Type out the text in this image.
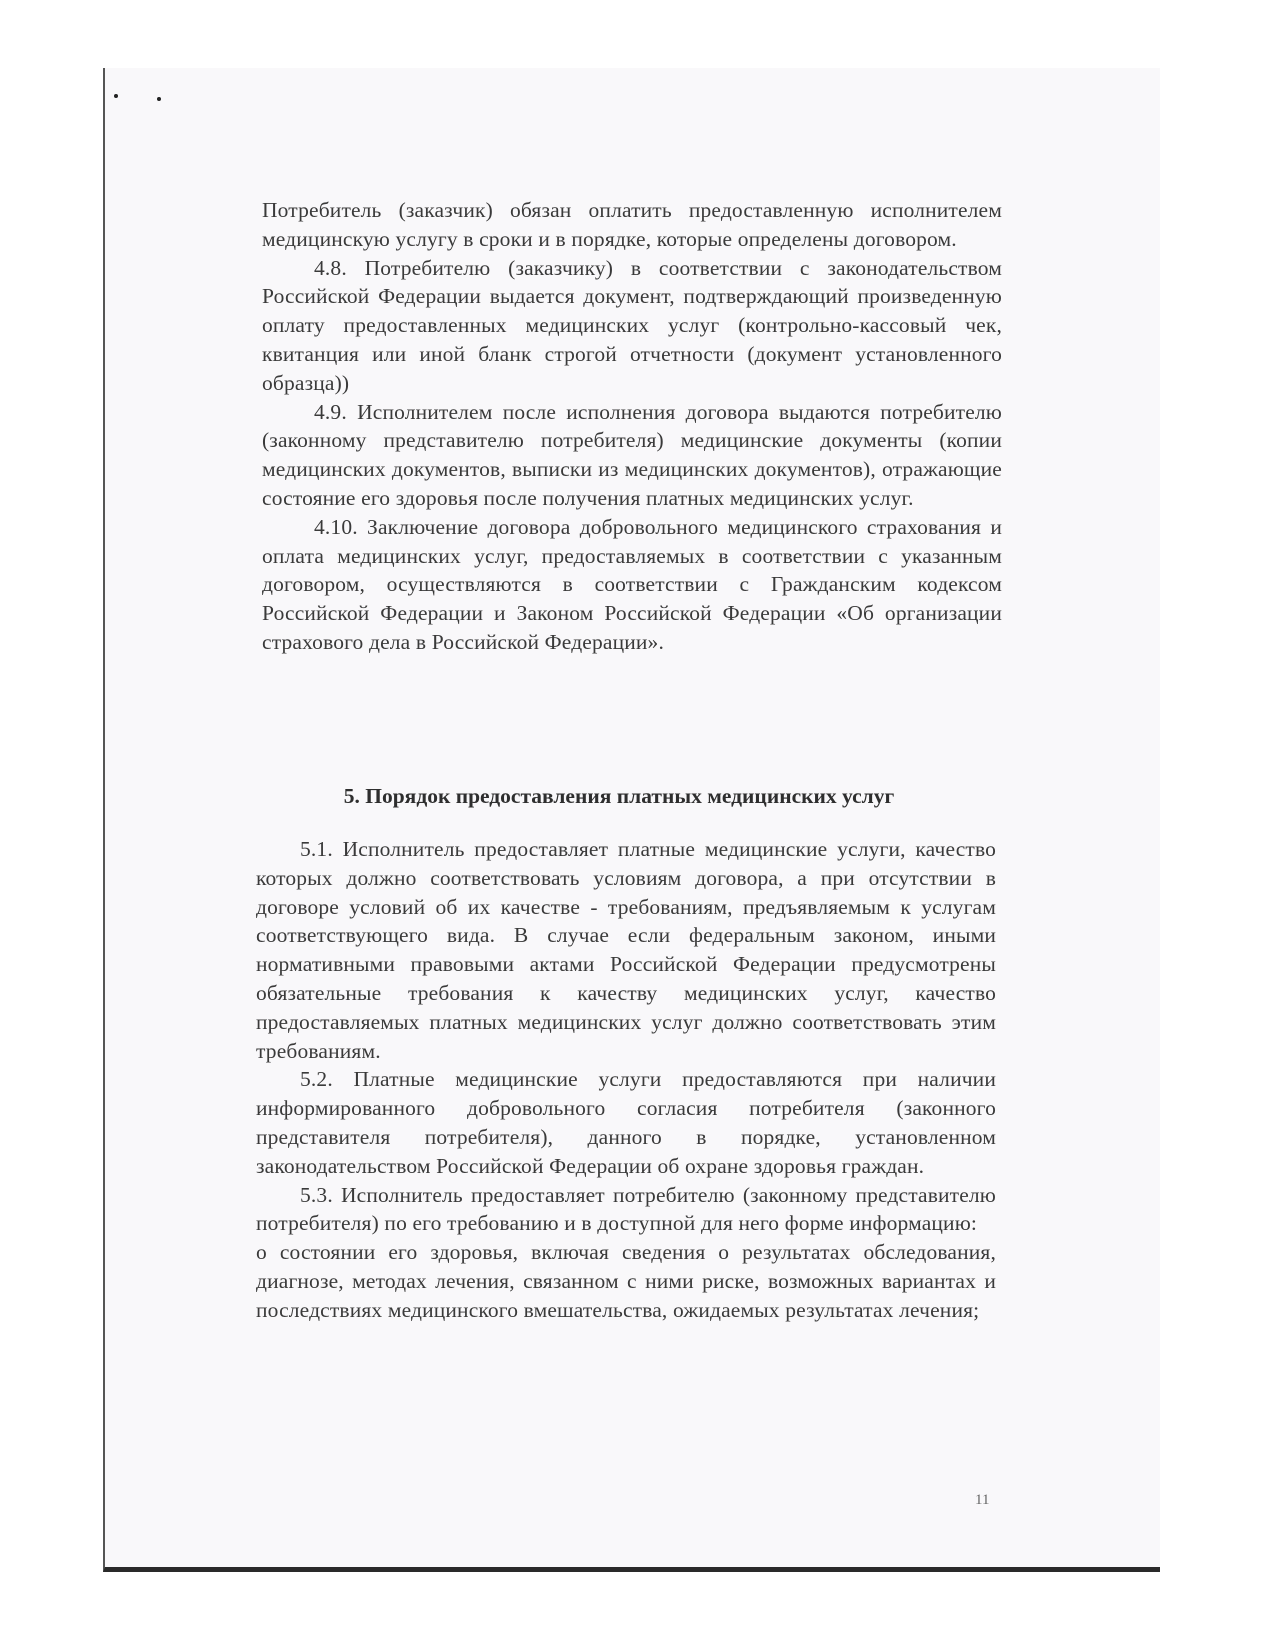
Потребитель (заказчик) обязан оплатить предоставленную исполнителем медицинскую услугу в сроки и в порядке, которые определены договором.

4.8. Потребителю (заказчику) в соответствии с законодательством Российской Федерации выдается документ, подтверждающий произведенную оплату предоставленных медицинских услуг (контрольно-кассовый чек, квитанция или иной бланк строгой отчетности (документ установленного образца))

4.9. Исполнителем после исполнения договора выдаются потребителю (законному представителю потребителя) медицинские документы (копии медицинских документов, выписки из медицинских документов), отражающие состояние его здоровья после получения платных медицинских услуг.

4.10. Заключение договора добровольного медицинского страхования и оплата медицинских услуг, предоставляемых в соответствии с указанным договором, осуществляются в соответствии с Гражданским кодексом Российской Федерации и Законом Российской Федерации «Об организации страхового дела в Российской Федерации».

5. Порядок предоставления платных медицинских услуг

5.1. Исполнитель предоставляет платные медицинские услуги, качество которых должно соответствовать условиям договора, а при отсутствии в договоре условий об их качестве - требованиям, предъявляемым к услугам соответствующего вида. В случае если федеральным законом, иными нормативными правовыми актами Российской Федерации предусмотрены обязательные требования к качеству медицинских услуг, качество предоставляемых платных медицинских услуг должно соответствовать этим требованиям.

5.2. Платные медицинские услуги предоставляются при наличии информированного добровольного согласия потребителя (законного представителя потребителя), данного в порядке, установленном законодательством Российской Федерации об охране здоровья граждан.

5.3. Исполнитель предоставляет потребителю (законному представителю потребителя) по его требованию и в доступной для него форме информацию:

о состоянии его здоровья, включая сведения о результатах обследования, диагнозе, методах лечения, связанном с ними риске, возможных вариантах и последствиях медицинского вмешательства, ожидаемых результатах лечения;

11
